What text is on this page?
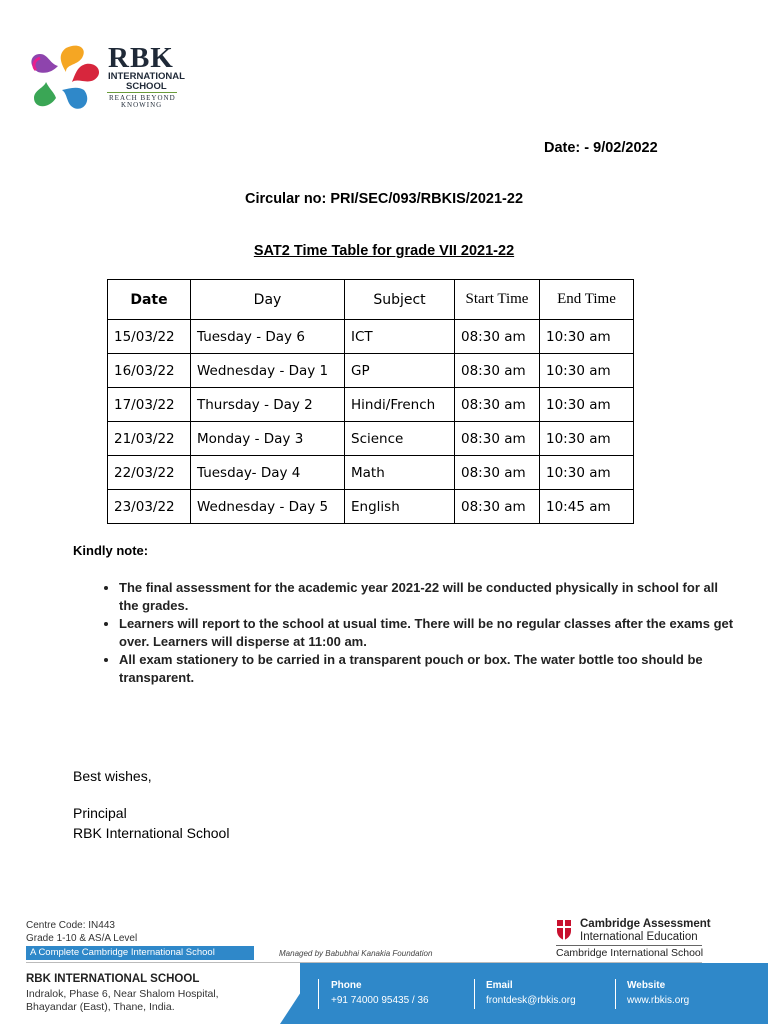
RBK
INTERNATIONAL
SCHOOL
REACH BEYOND
KNOWING
Date: - 9/02/2022
Circular no: PRI/SEC/093/RBKIS/2021-22
SAT2 Time Table for grade VII 2021-22
Date	Day	Subject	Start Time	End Time
15/03/22	Tuesday - Day 6	ICT	08:30 am	10:30 am
16/03/22	Wednesday - Day 1	GP	08:30 am	10:30 am
17/03/22	Thursday - Day 2	Hindi/French	08:30 am	10:30 am
21/03/22	Monday - Day 3	Science	08:30 am	10:30 am
22/03/22	Tuesday- Day 4	Math	08:30 am	10:30 am
23/03/22	Wednesday - Day 5	English	08:30 am	10:45 am
Kindly note:
• The final assessment for the academic year 2021-22 will be conducted physically in school for all the grades.
• Learners will report to the school at usual time. There will be no regular classes after the exams get over. Learners will disperse at 11:00 am.
• All exam stationery to be carried in a transparent pouch or box. The water bottle too should be transparent.
Best wishes,
Principal
RBK International School
Centre Code: IN443
Grade 1-10 & AS/A Level
A Complete Cambridge International School	Managed by Babubhai Kanakia Foundation
RBK INTERNATIONAL SCHOOL
Indralok, Phase 6, Near Shalom Hospital,
Bhayandar (East), Thane, India.
Phone
+91 74000 95435 / 36
Email
frontdesk@rbkis.org
Website
www.rbkis.org
Cambridge Assessment
International Education
Cambridge International School
